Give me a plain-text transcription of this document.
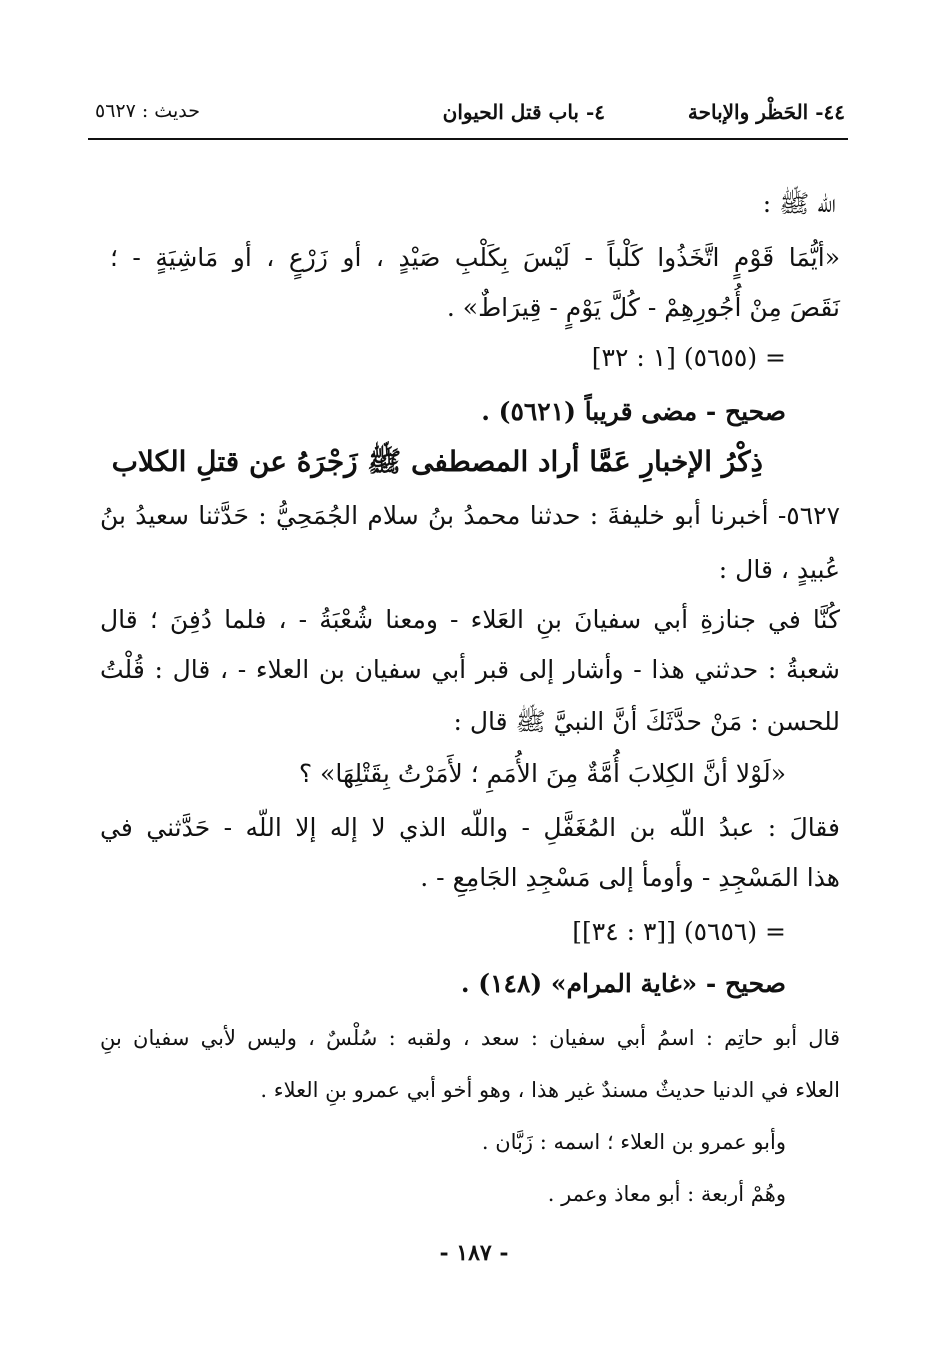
٤٤- الحَظْر والإباحة
٤- باب قتل الحيوان
حديث : ٥٦٢٧
الله ﷺ :
«أيُّمَا قَوْمٍ اتَّخَذُوا كَلْباً - لَيْسَ بِكَلْبِ صَيْدٍ ، أو زَرْعٍ ، أو مَاشِيَةٍ - ؛
نَقَصَ مِنْ أُجُورِهِمْ - كُلَّ يَوْمٍ - قِيرَاطٌ» .
= (٥٦٥٥) [١ : ٣٢]
صحيح - مضى قريباً (٥٦٢١) .
ذِكْرُ الإخبارِ عَمَّا أراد المصطفى ﷺ زَجْرَهُ عن قتلِ الكلاب
٥٦٢٧- أخبرنا أبو خليفةَ : حدثنا محمدُ بنُ سلام الجُمَحِيُّ : حَدَّثنا سعيدُ بنُ
عُبيدٍ ، قال :
كُنَّا في جنازةِ أبي سفيانَ بنِ العَلاء - ومعنا شُعْبَةُ - ، فلما دُفِنَ ؛ قال
شعبةُ : حدثني هذا - وأشار إلى قبر أبي سفيان بن العلاء - ، قال : قُلْتُ
للحسن : مَنْ حدَّثَكَ أنَّ النبيَّ ﷺ قال :
«لَوْلا أنَّ الكِلابَ أُمَّةٌ مِنَ الأُمَمِ ؛ لأَمَرْتُ بِقَتْلِهَا» ؟
فقالَ : عبدُ اللّه بن المُغَفَّلِ - واللّه الذي لا إله إلا اللّه - حَدَّثني في
هذا المَسْجِدِ - وأومأ إلى مَسْجِدِ الجَامِعِ - .
= (٥٦٥٦) [[٣ : ٣٤]]
صحيح - «غاية المرام» (١٤٨) .
قال أبو حاتِم : اسمُ أبي سفيان : سعد ، ولقبه : سُلْسٌ ، وليس لأبي سفيان بنِ
العلاء في الدنيا حديثٌ مسندٌ غير هذا ، وهو أخو أبي عمرو بنِ العلاء .
وأبو عمرو بن العلاء ؛ اسمه : زَبَّان .
وهُمْ أربعة : أبو معاذ وعمر .
- ١٨٧ -
